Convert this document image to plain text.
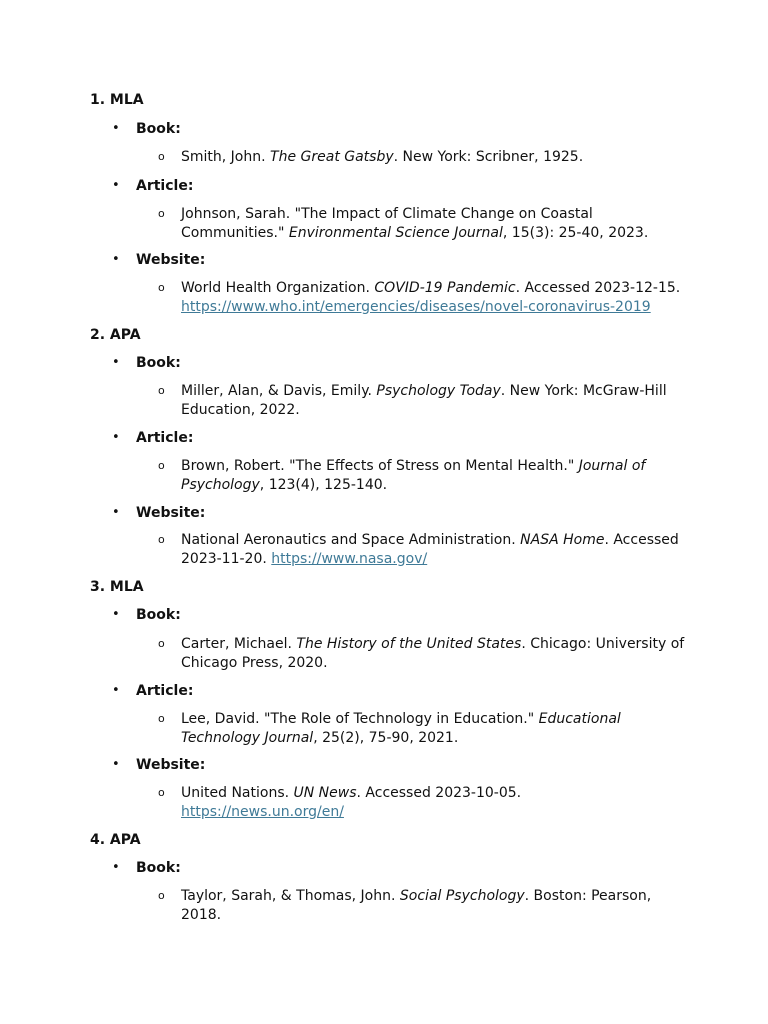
1. MLA
• Book:
o Smith, John. The Great Gatsby. New York: Scribner, 1925.
• Article:
o Johnson, Sarah. "The Impact of Climate Change on Coastal Communities." Environmental Science Journal, 15(3): 25-40, 2023.
• Website:
o World Health Organization. COVID-19 Pandemic. Accessed 2023-12-15. https://www.who.int/emergencies/diseases/novel-coronavirus-2019
2. APA
• Book:
o Miller, Alan, & Davis, Emily. Psychology Today. New York: McGraw-Hill Education, 2022.
• Article:
o Brown, Robert. "The Effects of Stress on Mental Health." Journal of Psychology, 123(4), 125-140.
• Website:
o National Aeronautics and Space Administration. NASA Home. Accessed 2023-11-20. https://www.nasa.gov/
3. MLA
• Book:
o Carter, Michael. The History of the United States. Chicago: University of Chicago Press, 2020.
• Article:
o Lee, David. "The Role of Technology in Education." Educational Technology Journal, 25(2), 75-90, 2021.
• Website:
o United Nations. UN News. Accessed 2023-10-05. https://news.un.org/en/
4. APA
• Book:
o Taylor, Sarah, & Thomas, John. Social Psychology. Boston: Pearson, 2018.
